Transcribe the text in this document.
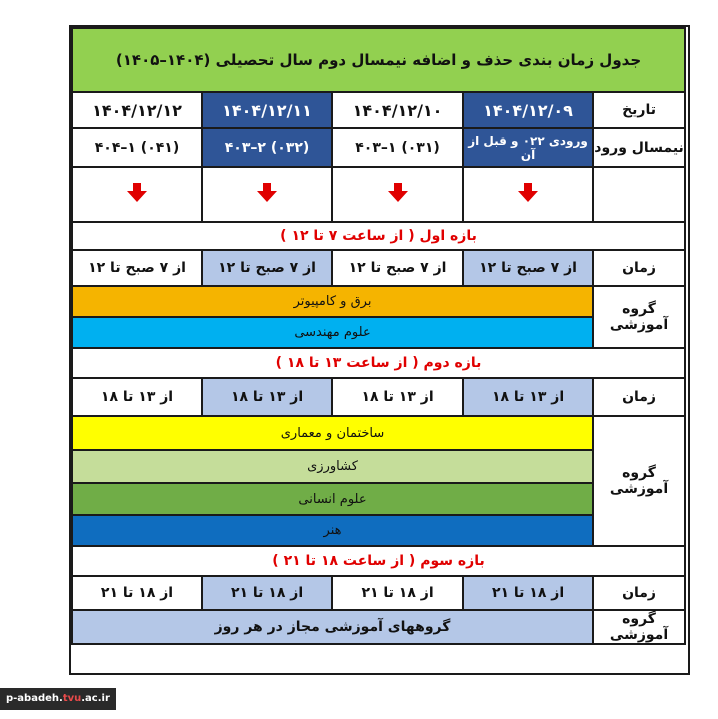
جدول زمان بندی حذف و اضافه نیمسال دوم سال تحصیلی (۱۴۰۴–۱۴۰۵)				
تاریخ	۱۴۰۴/۱۲/۰۹	۱۴۰۴/۱۲/۱۰	۱۴۰۴/۱۲/۱۱	۱۴۰۴/۱۲/۱۲
نیمسال ورود	ورودی ۰۲۲ و قبل از آن	(۰۳۱) ۱–۴۰۳	(۰۳۲) ۲–۴۰۳	(۰۴۱) ۱–۴۰۴

بازه اول ( از ساعت ۷ تا ۱۲ )				
زمان	از ۷ صبح تا ۱۲	از ۷ صبح تا ۱۲	از ۷ صبح تا ۱۲	از ۷ صبح تا ۱۲
گروه آموزشی	برق و کامپیوتر			
	علوم مهندسی			
بازه دوم ( از ساعت ۱۳ تا ۱۸ )				
زمان	از ۱۳ تا ۱۸	از ۱۳ تا ۱۸	از ۱۳ تا ۱۸	از ۱۳ تا ۱۸
گروه آموزشی	ساختمان و معماری			
	کشاورزی			
	علوم انسانی			
	هنر			
بازه سوم ( از ساعت ۱۸ تا ۲۱ )				
زمان	از ۱۸ تا ۲۱	از ۱۸ تا ۲۱	از ۱۸ تا ۲۱	از ۱۸ تا ۲۱
گروه آموزشی	گروههای آموزشی مجاز در هر روز			
p-abadeh.tvu.ac.ir
